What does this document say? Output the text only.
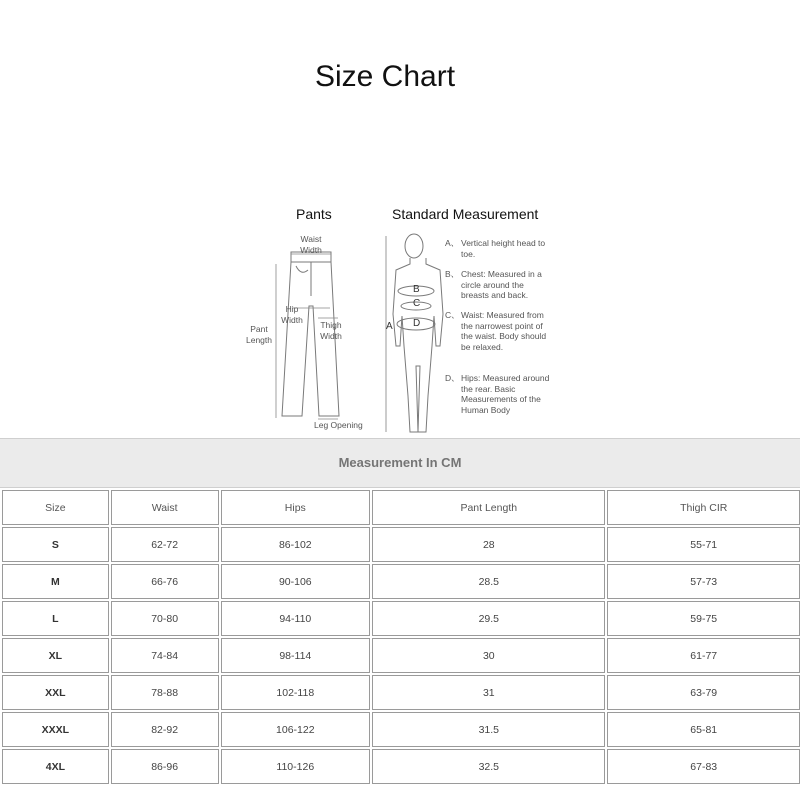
Size Chart
Pants	Standard Measurement
Waist
Width
Hip
Width
Thigh
Width
Pant
Length
Leg Opening
A
B
C
D
A、 Vertical height head to toe.
B、 Chest: Measured in a circle around the breasts and back.
C、 Waist: Measured from the narrowest point of the waist. Body should be relaxed.
D、 Hips: Measured around the rear. Basic Measurements of the Human Body
Measurement In CM
Size	Waist	Hips	Pant Length	Thigh CIR
S	62-72	86-102	28	55-71
M	66-76	90-106	28.5	57-73
L	70-80	94-110	29.5	59-75
XL	74-84	98-114	30	61-77
XXL	78-88	102-118	31	63-79
XXXL	82-92	106-122	31.5	65-81
4XL	86-96	110-126	32.5	67-83
